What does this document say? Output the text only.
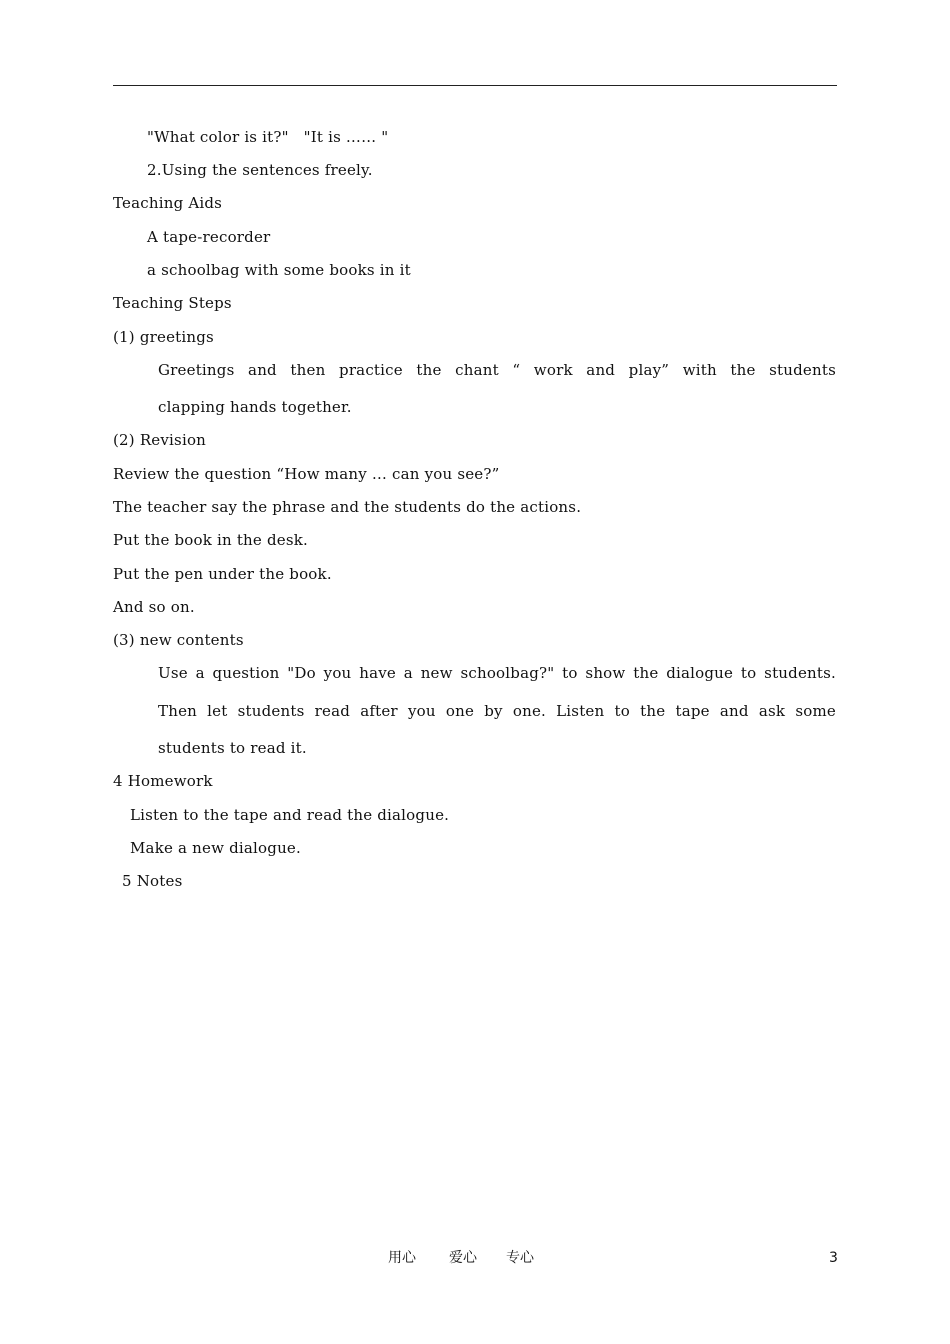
"What color is it?"   "It is …… "
2.Using the sentences freely.
Teaching Aids
A tape-recorder
a schoolbag with some books in it
Teaching Steps
(1) greetings
Greetings and then practice the chant “ work and play” with the students
clapping hands together.
(2) Revision
Review the question “How many … can you see?”
The teacher say the phrase and the students do the actions.
Put the book in the desk.
Put the pen under the book.
And so on.
(3) new contents
Use a question "Do you have a new schoolbag?" to show the dialogue to students.
Then let students read after you one by one. Listen to the tape and ask some
students to read it.
4 Homework
Listen to the tape and read the dialogue.
Make a new dialogue.
5 Notes
用心 爱心 专心	3
